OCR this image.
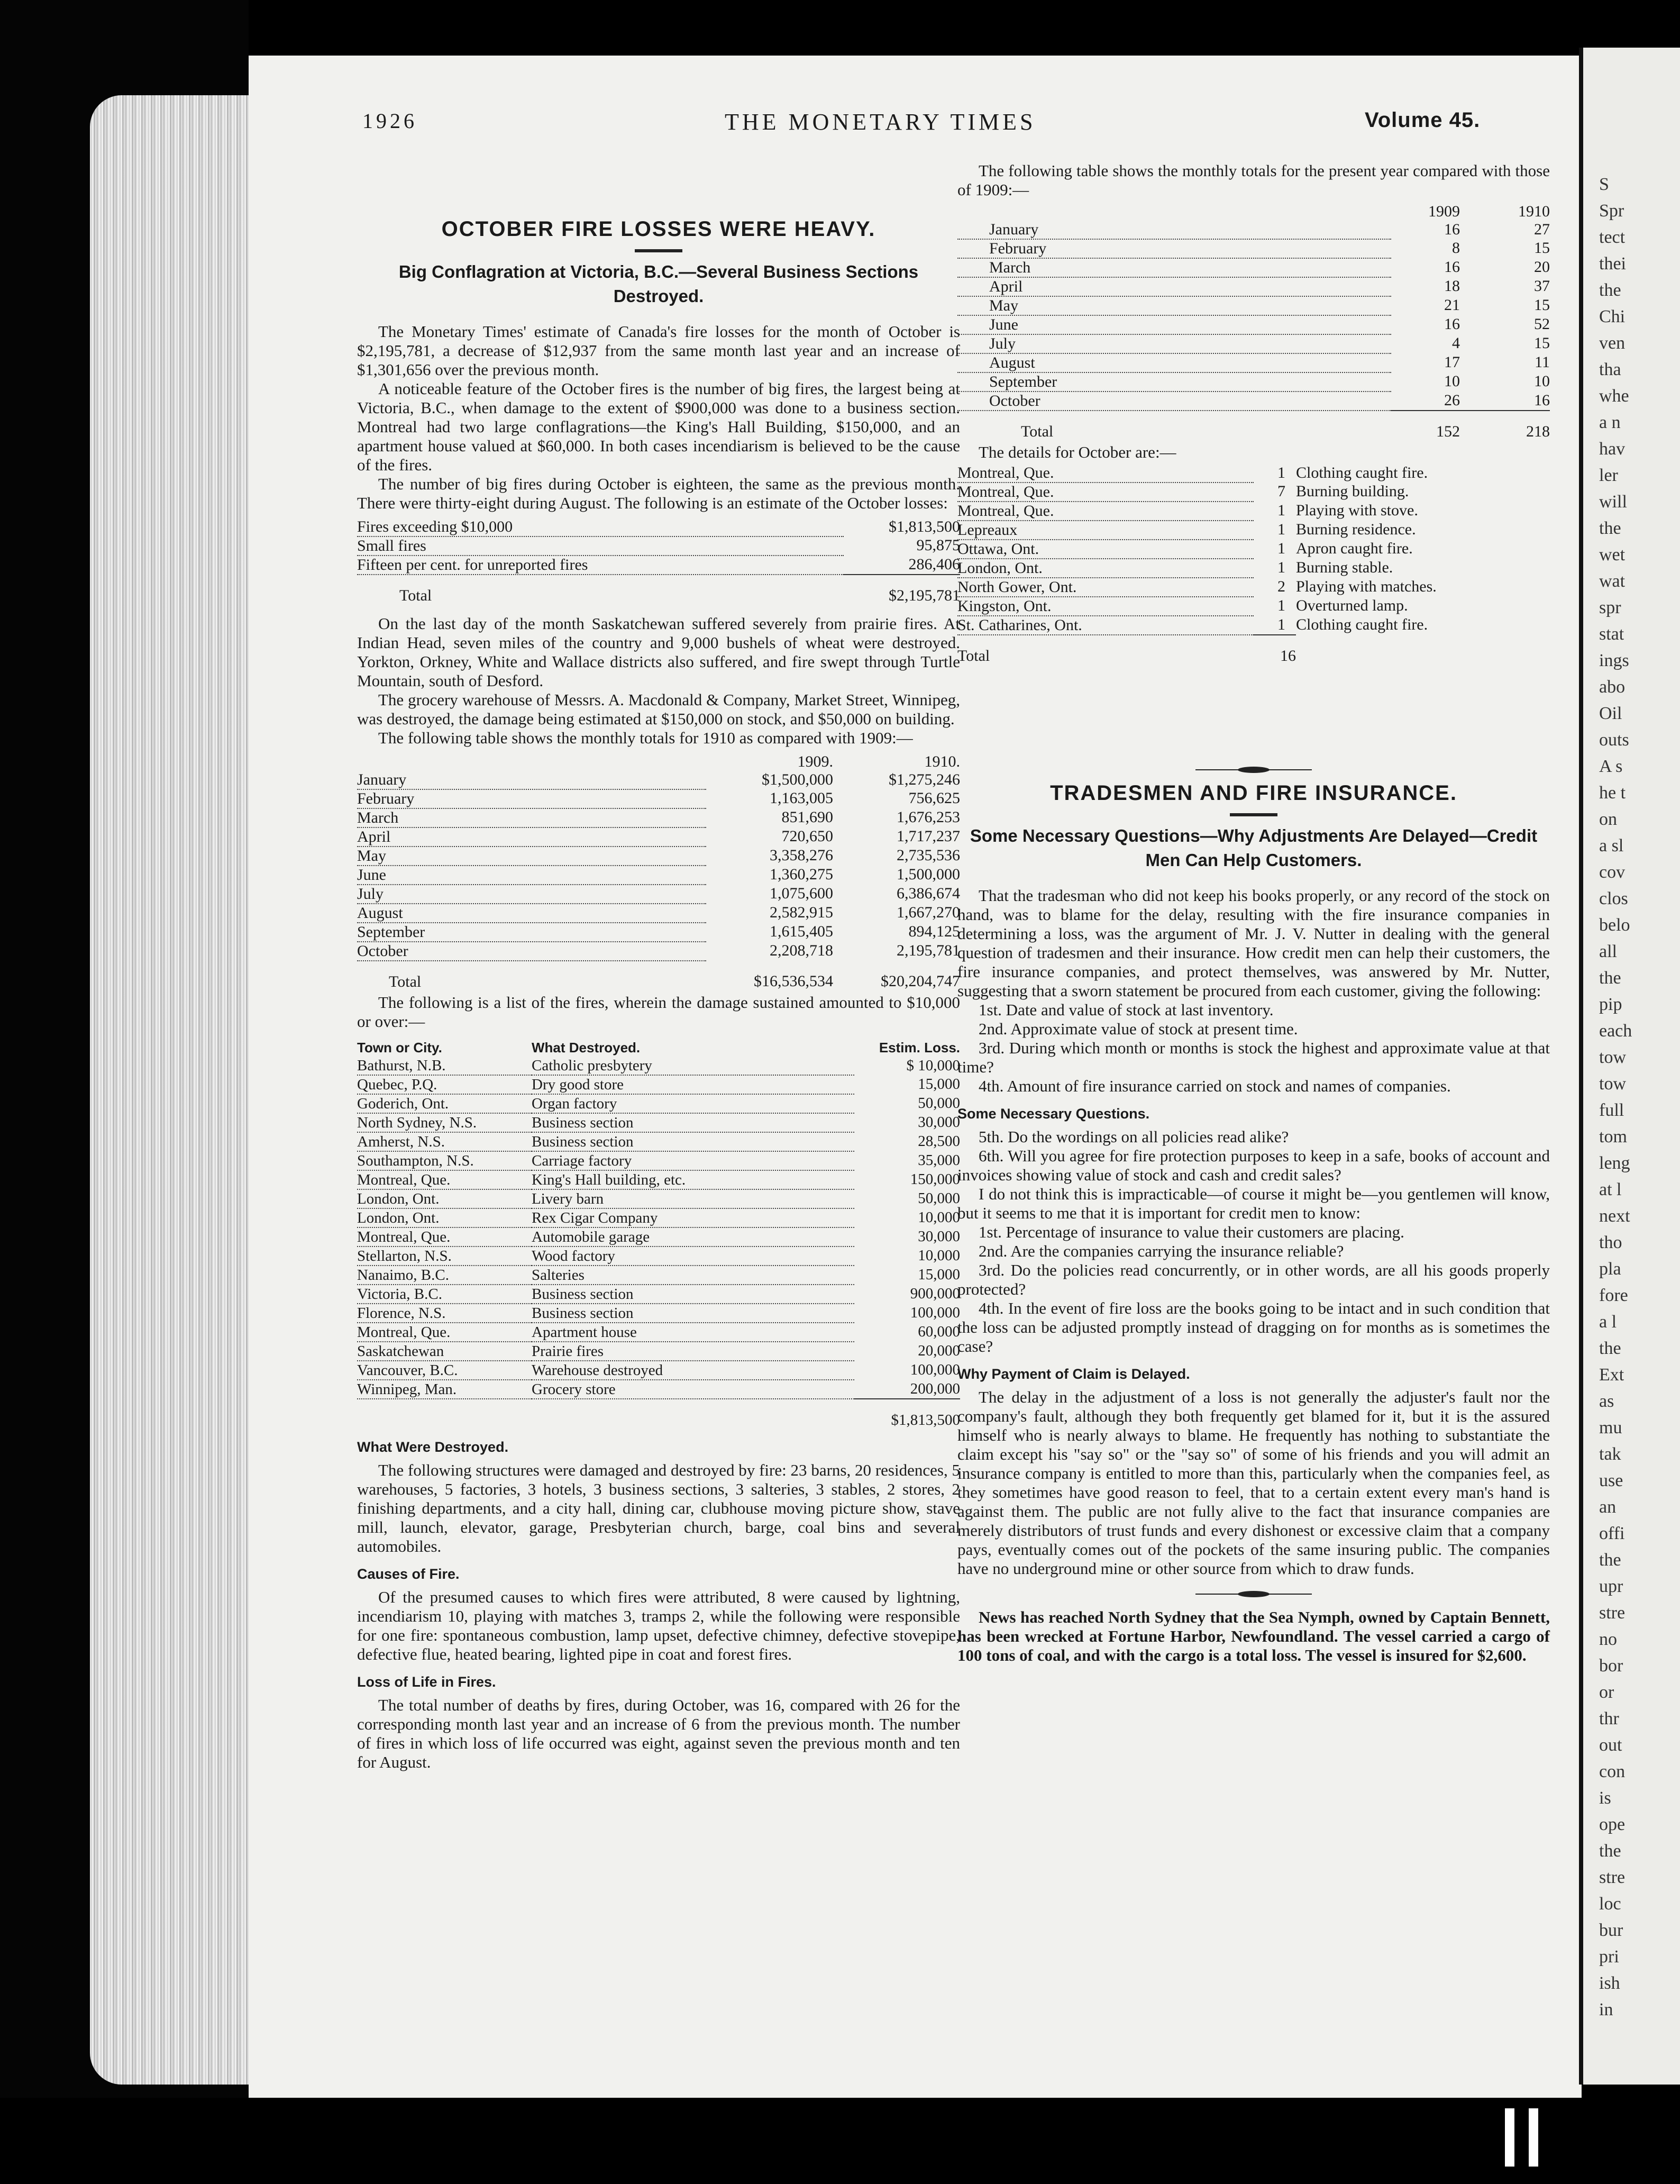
1926	THE MONETARY TIMES	Volume 45.
OCTOBER FIRE LOSSES WERE HEAVY.
Big Conflagration at Victoria, B.C.—Several Business Sections Destroyed.

The Monetary Times' estimate of Canada's fire losses for the month of October is $2,195,781, a decrease of $12,937 from the same month last year and an increase of $1,301,656 over the previous month.

A noticeable feature of the October fires is the number of big fires, the largest being at Victoria, B.C., when damage to the extent of $900,000 was done to a business section. Montreal had two large conflagrations—the King's Hall Building, $150,000, and an apartment house valued at $60,000. In both cases incendiarism is believed to be the cause of the fires.

The number of big fires during October is eighteen, the same as the previous month. There were thirty-eight during August. The following is an estimate of the October losses:

Fires exceeding $10,000	$1,813,500
Small fires	95,875
Fifteen per cent. for unreported fires	286,406
Total	$2,195,781

On the last day of the month Saskatchewan suffered severely from prairie fires. At Indian Head, seven miles of the country and 9,000 bushels of wheat were destroyed. Yorkton, Orkney, White and Wallace districts also suffered, and fire swept through Turtle Mountain, south of Desford.

The grocery warehouse of Messrs. A. Macdonald & Company, Market Street, Winnipeg, was destroyed, the damage being estimated at $150,000 on stock, and $50,000 on building.

The following table shows the monthly totals for 1910 as compared with 1909:—

	1909.	1910.
January	$1,500,000	$1,275,246
February	1,163,005	756,625
March	851,690	1,676,253
April	720,650	1,717,237
May	3,358,276	2,735,536
June	1,360,275	1,500,000
July	1,075,600	6,386,674
August	2,582,915	1,667,270
September	1,615,405	894,125
October	2,208,718	2,195,781
Total	$16,536,534	$20,204,747

The following is a list of the fires, wherein the damage sustained amounted to $10,000 or over:—

Town or City.	What Destroyed.	Estim. Loss.
Bathurst, N.B.	Catholic presbytery	$ 10,000
Quebec, P.Q.	Dry good store	15,000
Goderich, Ont.	Organ factory	50,000
North Sydney, N.S.	Business section	30,000
Amherst, N.S.	Business section	28,500
Southampton, N.S.	Carriage factory	35,000
Montreal, Que.	King's Hall building, etc.	150,000
London, Ont.	Livery barn	50,000
London, Ont.	Rex Cigar Company	10,000
Montreal, Que.	Automobile garage	30,000
Stellarton, N.S.	Wood factory	10,000
Nanaimo, B.C.	Salteries	15,000
Victoria, B.C.	Business section	900,000
Florence, N.S.	Business section	100,000
Montreal, Que.	Apartment house	60,000
Saskatchewan	Prairie fires	20,000
Vancouver, B.C.	Warehouse destroyed	100,000
Winnipeg, Man.	Grocery store	200,000
		$1,813,500
What Were Destroyed.

The following structures were damaged and destroyed by fire: 23 barns, 20 residences, 5 warehouses, 5 factories, 3 hotels, 3 business sections, 3 salteries, 3 stables, 2 stores, 2 finishing departments, and a city hall, dining car, clubhouse moving picture show, stave mill, launch, elevator, garage, Presbyterian church, barge, coal bins and several automobiles.

Causes of Fire.

Of the presumed causes to which fires were attributed, 8 were caused by lightning, incendiarism 10, playing with matches 3, tramps 2, while the following were responsible for one fire: spontaneous combustion, lamp upset, defective chimney, defective stovepipe, defective flue, heated bearing, lighted pipe in coat and forest fires.

Loss of Life in Fires.

The total number of deaths by fires, during October, was 16, compared with 26 for the corresponding month last year and an increase of 6 from the previous month. The number of fires in which loss of life occurred was eight, against seven the previous month and ten for August.

The following table shows the monthly totals for the present year compared with those of 1909:—

	1909	1910
January	16	27
February	8	15
March	16	20
April	18	37
May	21	15
June	16	52
July	4	15
August	17	11
September	10	10
October	26	16
Total	152	218

The details for October are:—

Montreal, Que.	1	Clothing caught fire.
Montreal, Que.	7	Burning building.
Montreal, Que.	1	Playing with stove.
Lepreaux	1	Burning residence.
Ottawa, Ont.	1	Apron caught fire.
London, Ont.	1	Burning stable.
North Gower, Ont.	2	Playing with matches.
Kingston, Ont.	1	Overturned lamp.
St. Catharines, Ont.	1	Clothing caught fire.
Total	16	
TRADESMEN AND FIRE INSURANCE.
Some Necessary Questions—Why Adjustments Are Delayed—Credit Men Can Help Customers.

That the tradesman who did not keep his books properly, or any record of the stock on hand, was to blame for the delay, resulting with the fire insurance companies in determining a loss, was the argument of Mr. J. V. Nutter in dealing with the general question of tradesmen and their insurance. How credit men can help their customers, the fire insurance companies, and protect themselves, was answered by Mr. Nutter, suggesting that a sworn statement be procured from each customer, giving the following:

1st. Date and value of stock at last inventory.

2nd. Approximate value of stock at present time.

3rd. During which month or months is stock the highest and approximate value at that time?

4th. Amount of fire insurance carried on stock and names of companies.

Some Necessary Questions.

5th. Do the wordings on all policies read alike?

6th. Will you agree for fire protection purposes to keep in a safe, books of account and invoices showing value of stock and cash and credit sales?

I do not think this is impracticable—of course it might be—you gentlemen will know, but it seems to me that it is important for credit men to know:

1st. Percentage of insurance to value their customers are placing.

2nd. Are the companies carrying the insurance reliable?

3rd. Do the policies read concurrently, or in other words, are all his goods properly protected?

4th. In the event of fire loss are the books going to be intact and in such condition that the loss can be adjusted promptly instead of dragging on for months as is sometimes the case?

Why Payment of Claim is Delayed.

The delay in the adjustment of a loss is not generally the adjuster's fault nor the company's fault, although they both frequently get blamed for it, but it is the assured himself who is nearly always to blame. He frequently has nothing to substantiate the claim except his "say so" or the "say so" of some of his friends and you will admit an insurance company is entitled to more than this, particularly when the companies feel, as they sometimes have good reason to feel, that to a certain extent every man's hand is against them. The public are not fully alive to the fact that insurance companies are merely distributors of trust funds and every dishonest or excessive claim that a company pays, eventually comes out of the pockets of the same insuring public. The companies have no underground mine or other source from which to draw funds.

News has reached North Sydney that the Sea Nymph, owned by Captain Bennett, has been wrecked at Fortune Harbor, Newfoundland. The vessel carried a cargo of 100 tons of coal, and with the cargo is a total loss. The vessel is insured for $2,600.

S
Spr
tect
thei
the
Chi
ven
tha
whe
a n
hav
ler
will
the
wet
wat
spr
stat
ings
abo
Oil
outs
A s
he t
on
a sl
cov
clos
belo
all
the
pip
each
tow
tow
full
tom
leng
at l
next
tho
pla
fore
a l
the
Ext
as
mu
tak
use
an
offi
the
upr
stre
no
bor
or
thr
out
con
is
ope
the
stre
loc
bur
pri
ish
in
